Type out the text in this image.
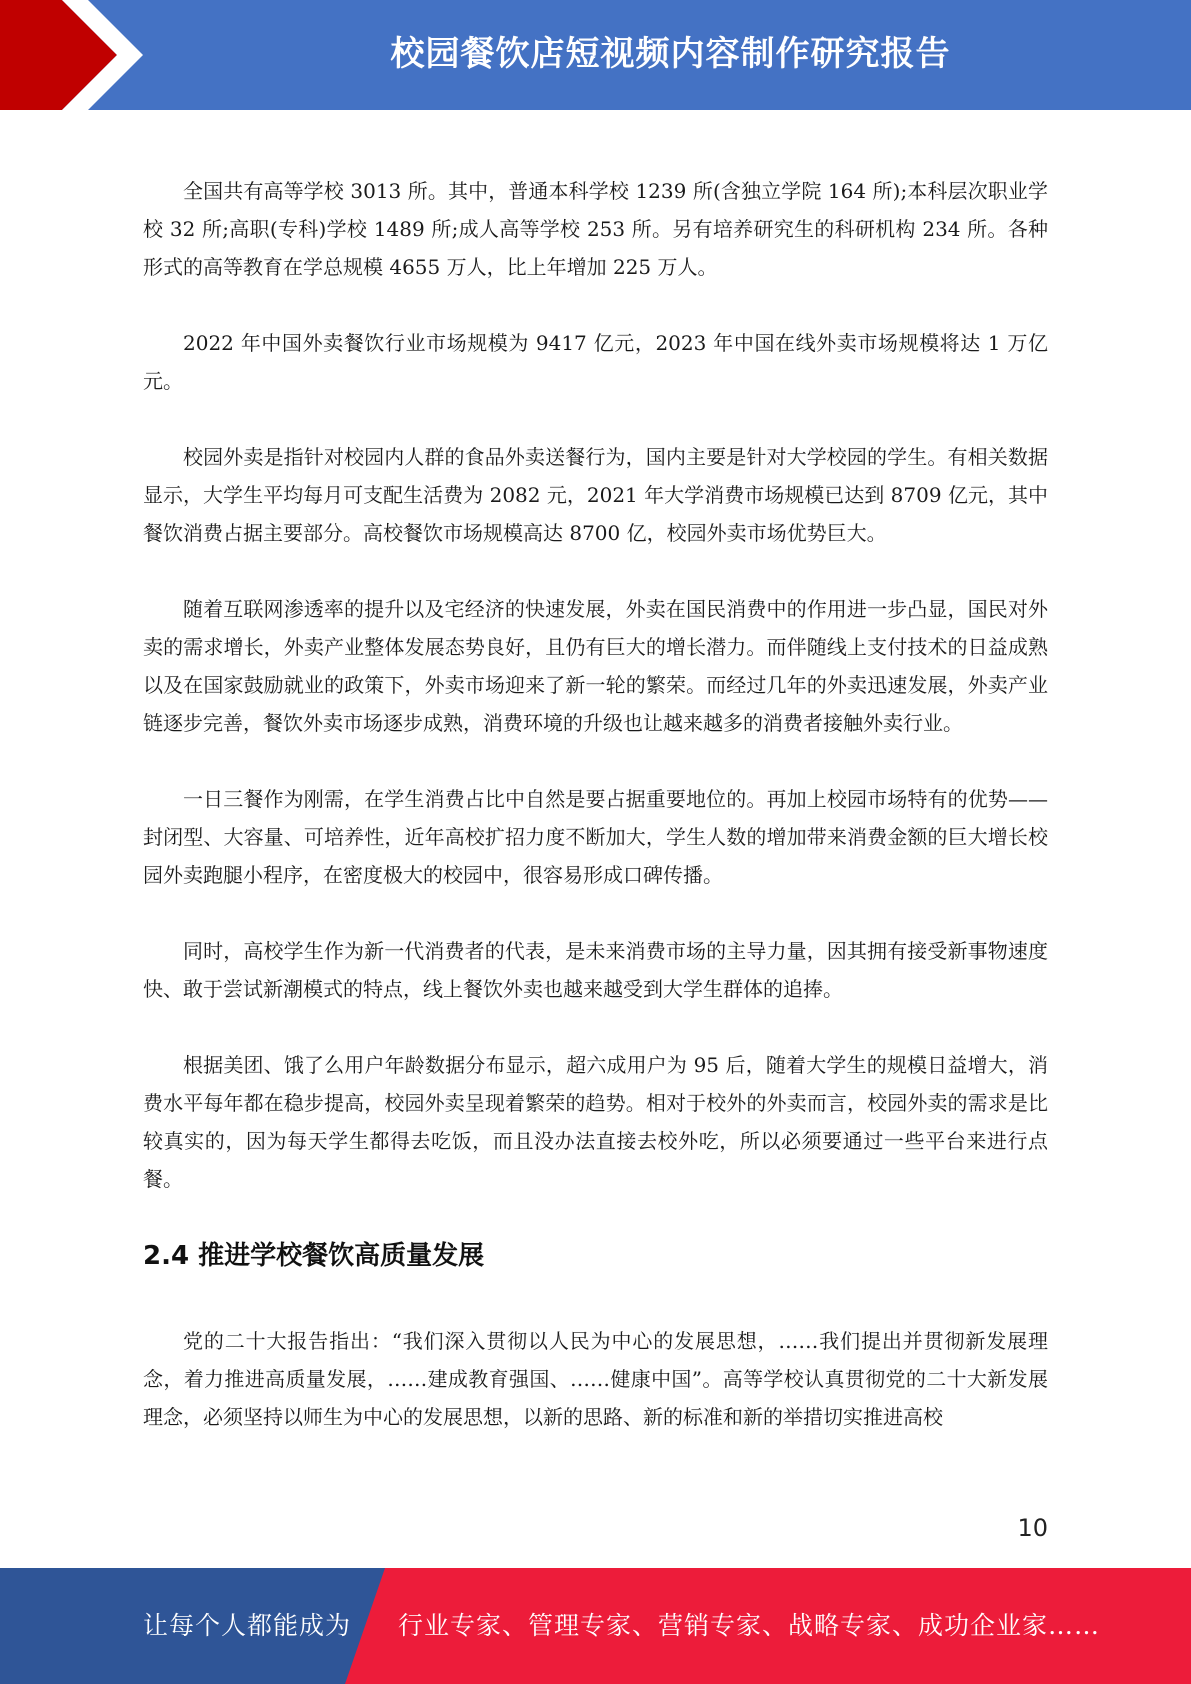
校园餐饮店短视频内容制作研究报告

全国共有高等学校 3013 所。其中，普通本科学校 1239 所(含独立学院 164 所);本科层次职业学校 32 所;高职(专科)学校 1489 所;成人高等学校 253 所。另有培养研究生的科研机构 234 所。各种形式的高等教育在学总规模 4655 万人，比上年增加 225 万人。

2022 年中国外卖餐饮行业市场规模为 9417 亿元，2023 年中国在线外卖市场规模将达 1 万亿元。

校园外卖是指针对校园内人群的食品外卖送餐行为，国内主要是针对大学校园的学生。有相关数据显示，大学生平均每月可支配生活费为 2082 元，2021 年大学消费市场规模已达到 8709 亿元，其中餐饮消费占据主要部分。高校餐饮市场规模高达 8700 亿，校园外卖市场优势巨大。

随着互联网渗透率的提升以及宅经济的快速发展，外卖在国民消费中的作用进一步凸显，国民对外卖的需求增长，外卖产业整体发展态势良好，且仍有巨大的增长潜力。而伴随线上支付技术的日益成熟以及在国家鼓励就业的政策下，外卖市场迎来了新一轮的繁荣。而经过几年的外卖迅速发展，外卖产业链逐步完善，餐饮外卖市场逐步成熟，消费环境的升级也让越来越多的消费者接触外卖行业。

一日三餐作为刚需，在学生消费占比中自然是要占据重要地位的。再加上校园市场特有的优势——封闭型、大容量、可培养性，近年高校扩招力度不断加大，学生人数的增加带来消费金额的巨大增长校园外卖跑腿小程序，在密度极大的校园中，很容易形成口碑传播。

同时，高校学生作为新一代消费者的代表，是未来消费市场的主导力量，因其拥有接受新事物速度快、敢于尝试新潮模式的特点，线上餐饮外卖也越来越受到大学生群体的追捧。

根据美团、饿了么用户年龄数据分布显示，超六成用户为 95 后，随着大学生的规模日益增大，消费水平每年都在稳步提高，校园外卖呈现着繁荣的趋势。相对于校外的外卖而言，校园外卖的需求是比较真实的，因为每天学生都得去吃饭，而且没办法直接去校外吃，所以必须要通过一些平台来进行点餐。

2.4 推进学校餐饮高质量发展

党的二十大报告指出：“我们深入贯彻以人民为中心的发展思想，……我们提出并贯彻新发展理念，着力推进高质量发展，……建成教育强国、……健康中国”。高等学校认真贯彻党的二十大新发展理念，必须坚持以师生为中心的发展思想，以新的思路、新的标准和新的举措切实推进高校

10
让每个人都能成为 行业专家、管理专家、营销专家、战略专家、成功企业家……
